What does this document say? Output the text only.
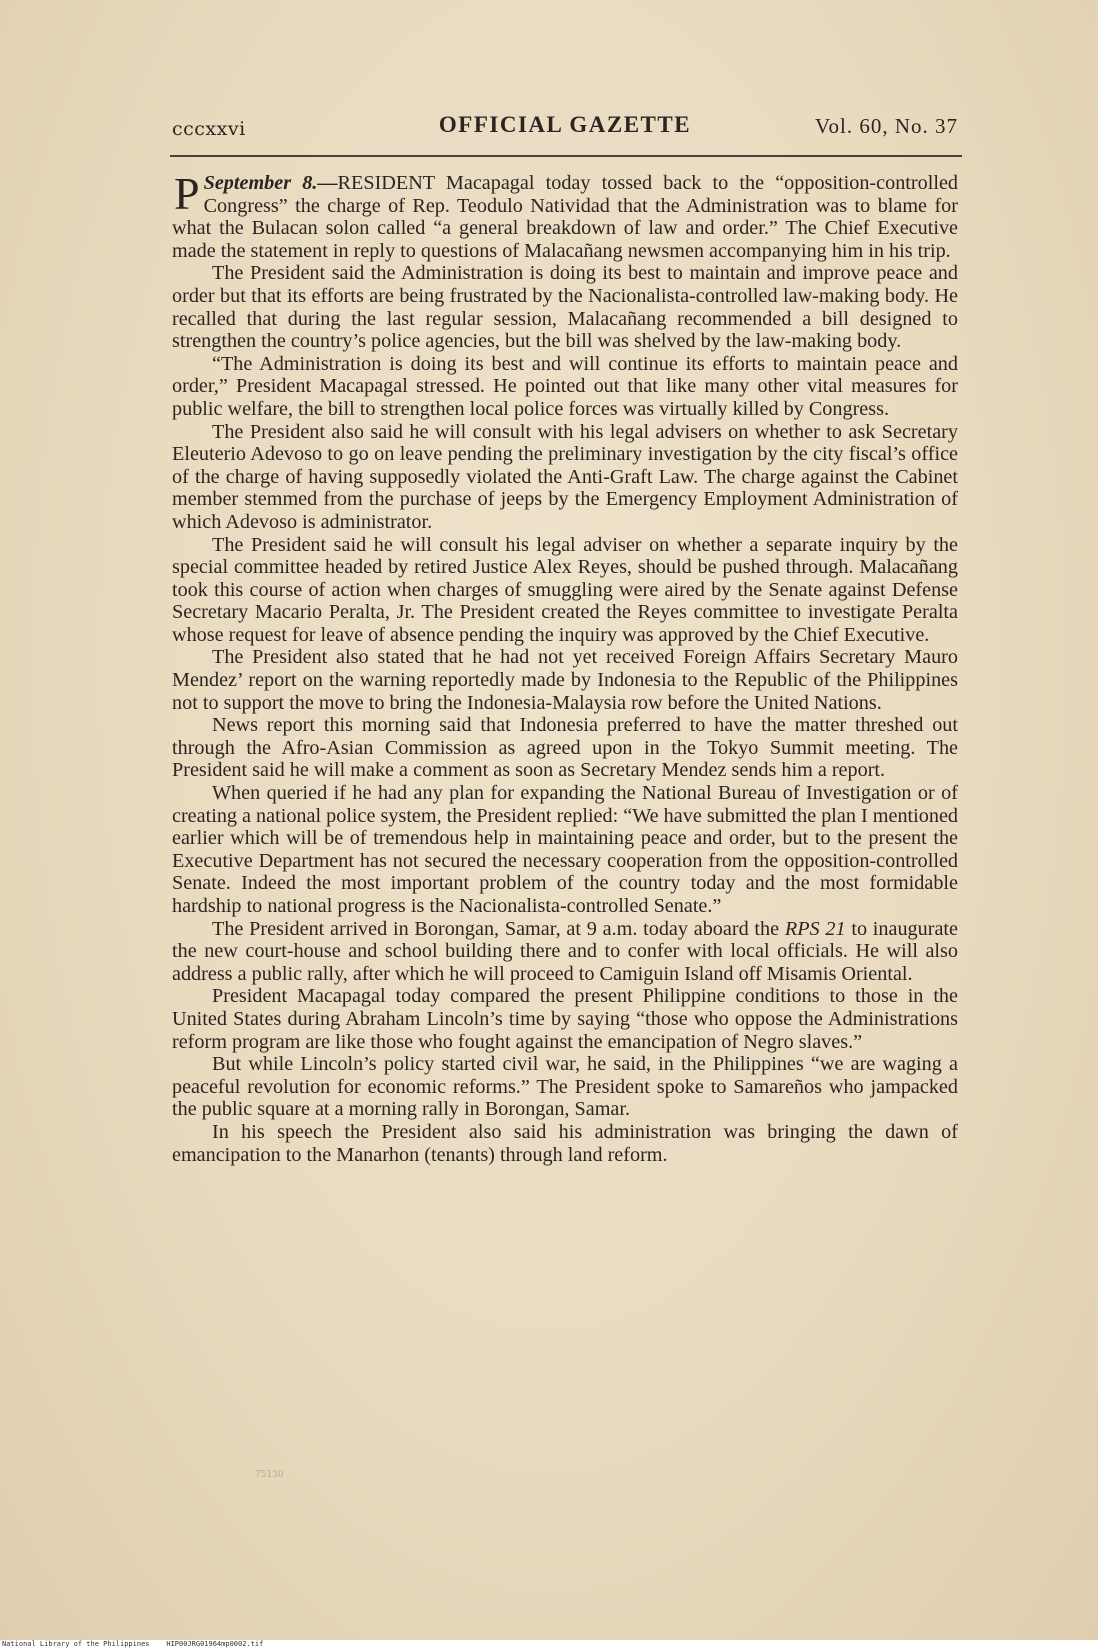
cccxxvi	OFFICIAL GAZETTE	Vol. 60, No. 37

September 8.—
P	RESIDENT Macapagal today tossed back to the “opposition-controlled Congress” the charge of Rep. Teodulo Natividad that the Administration was to blame for what the Bulacan solon called “a general breakdown of law and order.” The Chief Executive made the statement in reply to questions of Malacañang newsmen accompanying him in his trip.

The President said the Administration is doing its best to maintain and improve peace and order but that its efforts are being frustrated by the Nacionalista-controlled law-making body. He recalled that during the last regular session, Malacañang recommended a bill designed to strengthen the country’s police agencies, but the bill was shelved by the law-making body.

“The Administration is doing its best and will continue its efforts to maintain peace and order,” President Macapagal stressed. He pointed out that like many other vital measures for public welfare, the bill to strengthen local police forces was virtually killed by Congress.

The President also said he will consult with his legal advisers on whether to ask Secretary Eleuterio Adevoso to go on leave pending the preliminary investigation by the city fiscal’s office of the charge of having supposedly violated the Anti-Graft Law. The charge against the Cabinet member stemmed from the purchase of jeeps by the Emergency Employment Administration of which Adevoso is administrator.

The President said he will consult his legal adviser on whether a separate inquiry by the special committee headed by retired Justice Alex Reyes, should be pushed through. Malacañang took this course of action when charges of smuggling were aired by the Senate against Defense Secretary Macario Peralta, Jr. The President created the Reyes committee to investigate Peralta whose request for leave of absence pending the inquiry was approved by the Chief Executive.

The President also stated that he had not yet received Foreign Affairs Secretary Mauro Mendez’ report on the warning reportedly made by Indonesia to the Republic of the Philippines not to support the move to bring the Indonesia-Malaysia row before the United Nations.

News report this morning said that Indonesia preferred to have the matter threshed out through the Afro-Asian Commission as agreed upon in the Tokyo Summit meeting. The President said he will make a comment as soon as Secretary Mendez sends him a report.

When queried if he had any plan for expanding the National Bureau of Investigation or of creating a national police system, the President replied: “We have submitted the plan I mentioned earlier which will be of tremendous help in maintaining peace and order, but to the present the Executive Department has not secured the necessary cooperation from the opposition-controlled Senate. Indeed the most important problem of the country today and the most formidable hardship to national progress is the Nacionalista-controlled Senate.”

The President arrived in Borongan, Samar, at 9 a.m. today aboard the RPS 21 to inaugurate the new court-house and school building there and to confer with local officials. He will also address a public rally, after which he will proceed to Camiguin Island off Misamis Oriental.

President Macapagal today compared the present Philippine conditions to those in the United States during Abraham Lincoln’s time by saying “those who oppose the Administrations reform program are like those who fought against the emancipation of Negro slaves.”

But while Lincoln’s policy started civil war, he said, in the Philippines “we are waging a peaceful revolution for economic reforms.” The President spoke to Samareños who jampacked the public square at a morning rally in Borongan, Samar.

In his speech the President also said his administration was bringing the dawn of emancipation to the Manarhon (tenants) through land reform.

75130
National Library of the Philippines    HIP00JRG01964mp0002.tif
